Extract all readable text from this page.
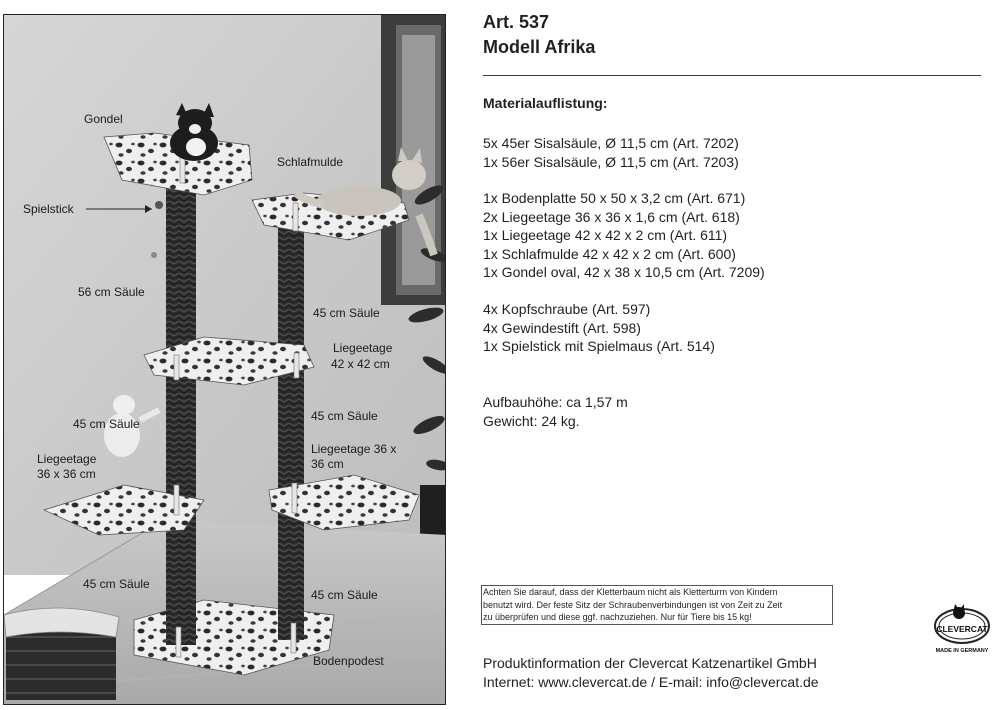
Gondel
Schlafmulde
Spielstick
56 cm Säule
45 cm Säule
Liegeetage
42 x 42 cm
45 cm Säule
45 cm Säule
Liegeetage
36 x 36 cm
Liegeetage 36 x
36 cm
45 cm Säule
45 cm Säule
Bodenpodest
Art. 537
Modell Afrika
Materialauflistung:
5x 45er Sisalsäule, Ø 11,5 cm (Art. 7202)
1x 56er Sisalsäule, Ø 11,5 cm (Art. 7203)
1x Bodenplatte 50 x 50 x 3,2 cm (Art. 671)
2x Liegeetage 36 x 36 x 1,6 cm (Art. 618)
1x Liegeetage 42 x 42 x 2 cm (Art. 611)
1x Schlafmulde 42 x 42 x 2 cm (Art. 600)
1x Gondel oval, 42 x 38 x 10,5 cm (Art. 7209)
4x Kopfschraube (Art. 597)
4x Gewindestift (Art. 598)
1x Spielstick mit Spielmaus (Art. 514)
Aufbauhöhe: ca 1,57 m
Gewicht: 24 kg.
Achten Sie darauf, dass der Kletterbaum nicht als Kletterturm von Kindern
benutzt wird. Der feste Sitz der Schraubenverbindungen ist von Zeit zu Zeit
zu überprüfen und diese ggf. nachzuziehen. Nur für Tiere bis 15 kg!
Produktinformation der Clevercat Katzenartikel GmbH
Internet: www.clevercat.de / E-mail: info@clevercat.de
CLEVERCAT
MADE IN GERMANY
